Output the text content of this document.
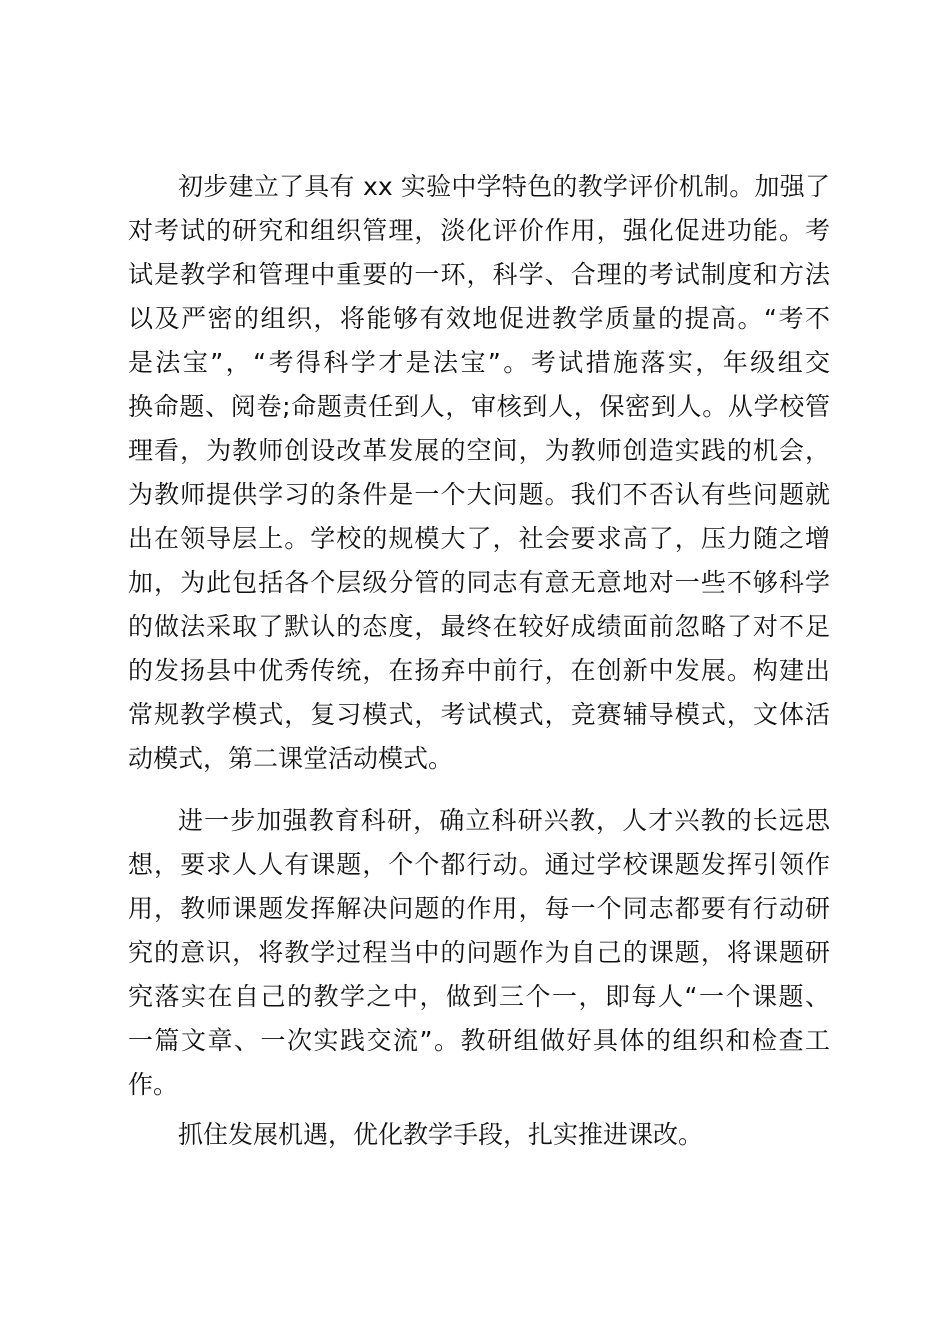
初步建立了具有 xx 实验中学特色的教学评价机制。加强了
对考试的研究和组织管理，淡化评价作用，强化促进功能。考
试是教学和管理中重要的一环，科学、合理的考试制度和方法
以及严密的组织，将能够有效地促进教学质量的提高。“考不
是法宝”，“考得科学才是法宝”。考试措施落实，年级组交
换命题、阅卷;命题责任到人，审核到人，保密到人。从学校管
理看，为教师创设改革发展的空间，为教师创造实践的机会，
为教师提供学习的条件是一个大问题。我们不否认有些问题就
出在领导层上。学校的规模大了，社会要求高了，压力随之增
加，为此包括各个层级分管的同志有意无意地对一些不够科学
的做法采取了默认的态度，最终在较好成绩面前忽略了对不足
的发扬县中优秀传统，在扬弃中前行，在创新中发展。构建出
常规教学模式，复习模式，考试模式，竞赛辅导模式，文体活
动模式，第二课堂活动模式。
进一步加强教育科研，确立科研兴教，人才兴教的长远思
想，要求人人有课题，个个都行动。通过学校课题发挥引领作
用，教师课题发挥解决问题的作用，每一个同志都要有行动研
究的意识，将教学过程当中的问题作为自己的课题，将课题研
究落实在自己的教学之中，做到三个一，即每人“一个课题、
一篇文章、一次实践交流”。教研组做好具体的组织和检查工
作。
抓住发展机遇，优化教学手段，扎实推进课改。
